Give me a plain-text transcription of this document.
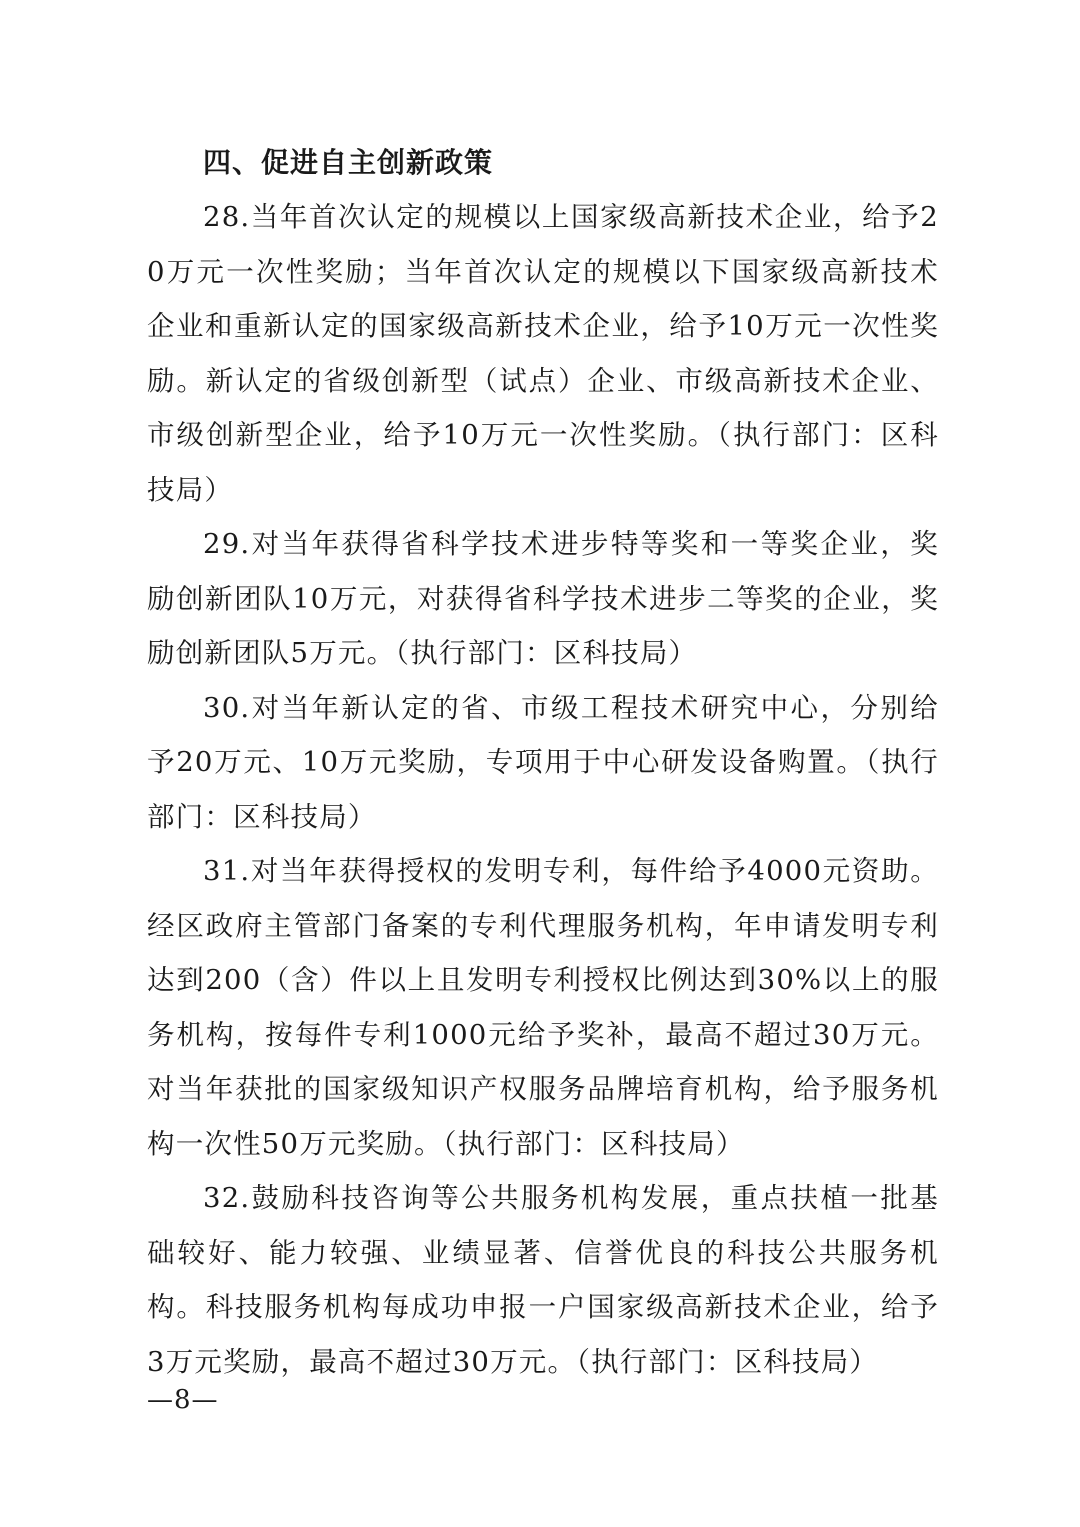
四、促进自主创新政策

28.当年首次认定的规模以上国家级高新技术企业，给予20万元一次性奖励；当年首次认定的规模以下国家级高新技术企业和重新认定的国家级高新技术企业，给予10万元一次性奖励。新认定的省级创新型（试点）企业、市级高新技术企业、市级创新型企业，给予10万元一次性奖励。（执行部门：区科技局）

29.对当年获得省科学技术进步特等奖和一等奖企业，奖励创新团队10万元，对获得省科学技术进步二等奖的企业，奖励创新团队5万元。（执行部门：区科技局）

30.对当年新认定的省、市级工程技术研究中心，分别给予20万元、10万元奖励，专项用于中心研发设备购置。（执行部门：区科技局）

31.对当年获得授权的发明专利，每件给予4000元资助。经区政府主管部门备案的专利代理服务机构，年申请发明专利达到200（含）件以上且发明专利授权比例达到30%以上的服务机构，按每件专利1000元给予奖补，最高不超过30万元。对当年获批的国家级知识产权服务品牌培育机构，给予服务机构一次性50万元奖励。（执行部门：区科技局）

32.鼓励科技咨询等公共服务机构发展，重点扶植一批基础较好、能力较强、业绩显著、信誉优良的科技公共服务机构。科技服务机构每成功申报一户国家级高新技术企业，给予3万元奖励，最高不超过30万元。（执行部门：区科技局）

—8—
